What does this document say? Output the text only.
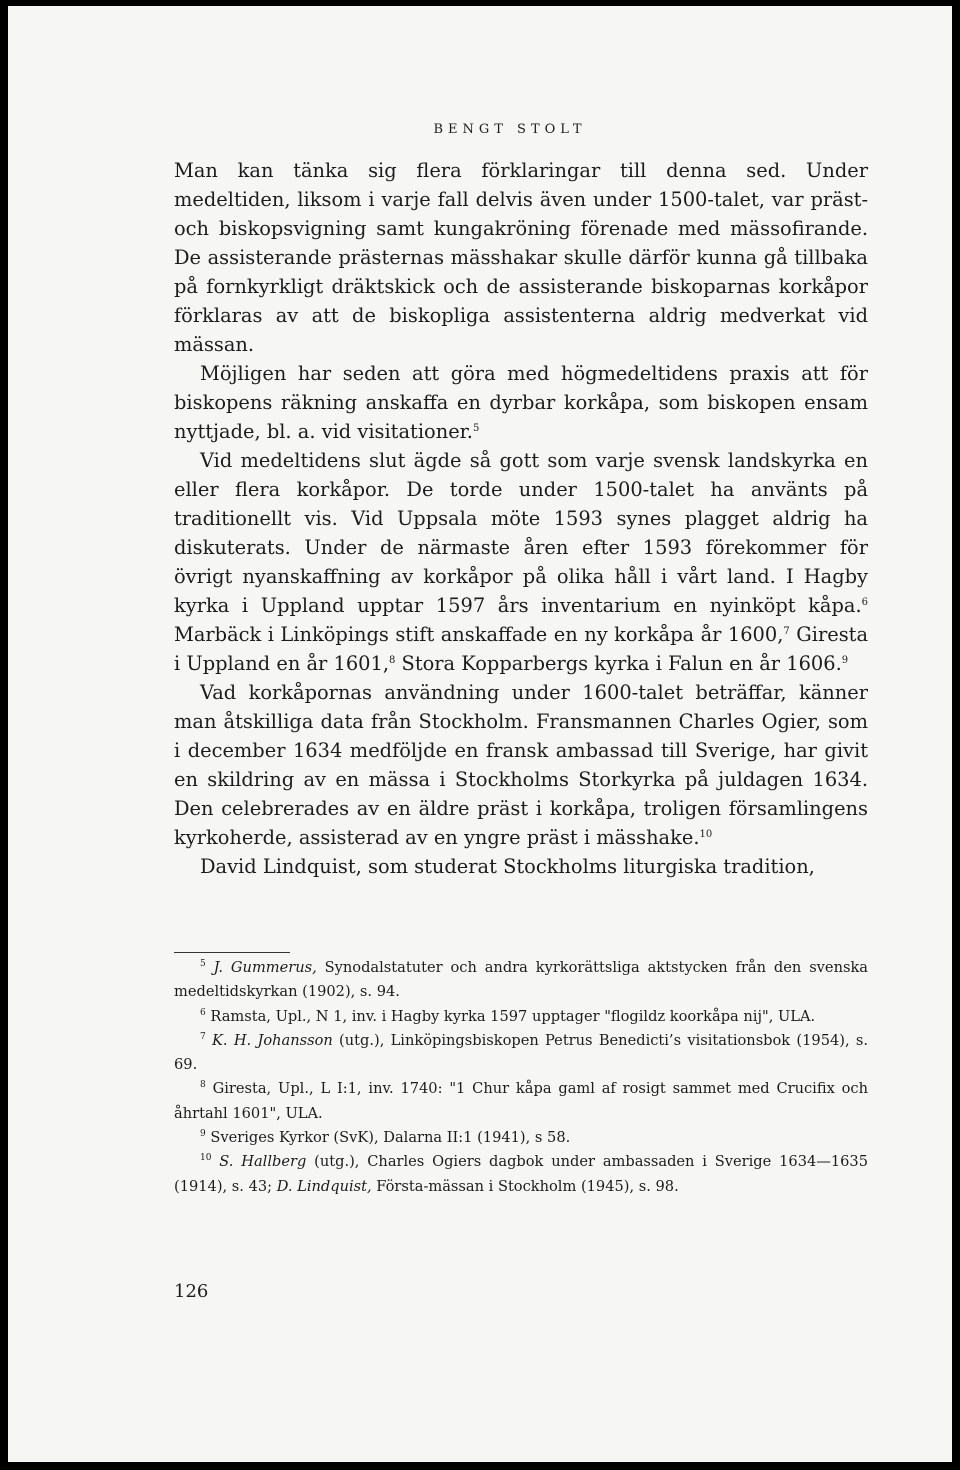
BENGT STOLT

Man kan tänka sig flera förklaringar till denna sed. Under medeltiden, liksom i varje fall delvis även under 1500-talet, var präst- och biskopsvigning samt kungakröning förenade med mässofirande. De assisterande prästernas mässhakar skulle därför kunna gå tillbaka på fornkyrkligt dräktskick och de assisterande biskoparnas korkåpor förklaras av att de biskopliga assistenterna aldrig medverkat vid mässan.

Möjligen har seden att göra med högmedeltidens praxis att för biskopens räkning anskaffa en dyrbar korkåpa, som biskopen ensam nyttjade, bl. a. vid visitationer.$^5$

Vid medeltidens slut ägde så gott som varje svensk landskyrka en eller flera korkåpor. De torde under 1500-talet ha använts på traditionellt vis. Vid Uppsala möte 1593 synes plagget aldrig ha diskuterats. Under de närmaste åren efter 1593 förekommer för övrigt nyanskaffning av korkåpor på olika håll i vårt land. I Hagby kyrka i Uppland upptar 1597 års inventarium en nyinköpt kåpa.$^6$ Marbäck i Linköpings stift anskaffade en ny korkåpa år 1600,$^7$ Giresta i Uppland en år 1601,$^8$ Stora Kopparbergs kyrka i Falun en år 1606.$^9$

Vad korkåpornas användning under 1600-talet beträffar, känner man åtskilliga data från Stockholm. Fransmannen Charles Ogier, som i december 1634 medföljde en fransk ambassad till Sverige, har givit en skildring av en mässa i Stockholms Storkyrka på juldagen 1634. Den celebrerades av en äldre präst i korkåpa, troligen församlingens kyrkoherde, assisterad av en yngre präst i mässhake.$^{10}$

David Lindquist, som studerat Stockholms liturgiska tradition,

$^5$ J. Gummerus, Synodalstatuter och andra kyrkorättsliga aktstycken från den svenska medeltidskyrkan (1902), s. 94.

$^6$ Ramsta, Upl., N 1, inv. i Hagby kyrka 1597 upptager "flogildz koorkåpa nij", ULA.

$^7$ K. H. Johansson (utg.), Linköpingsbiskopen Petrus Benedicti’s visitationsbok (1954), s. 69.

$^8$ Giresta, Upl., L I:1, inv. 1740: "1 Chur kåpa gaml af rosigt sammet med Crucifix och åhrtahl 1601", ULA.

$^9$ Sveriges Kyrkor (SvK), Dalarna II:1 (1941), s 58.

$^{10}$ S. Hallberg (utg.), Charles Ogiers dagbok under ambassaden i Sverige 1634—1635 (1914), s. 43; D. Lindquist, Första-mässan i Stockholm (1945), s. 98.

126
